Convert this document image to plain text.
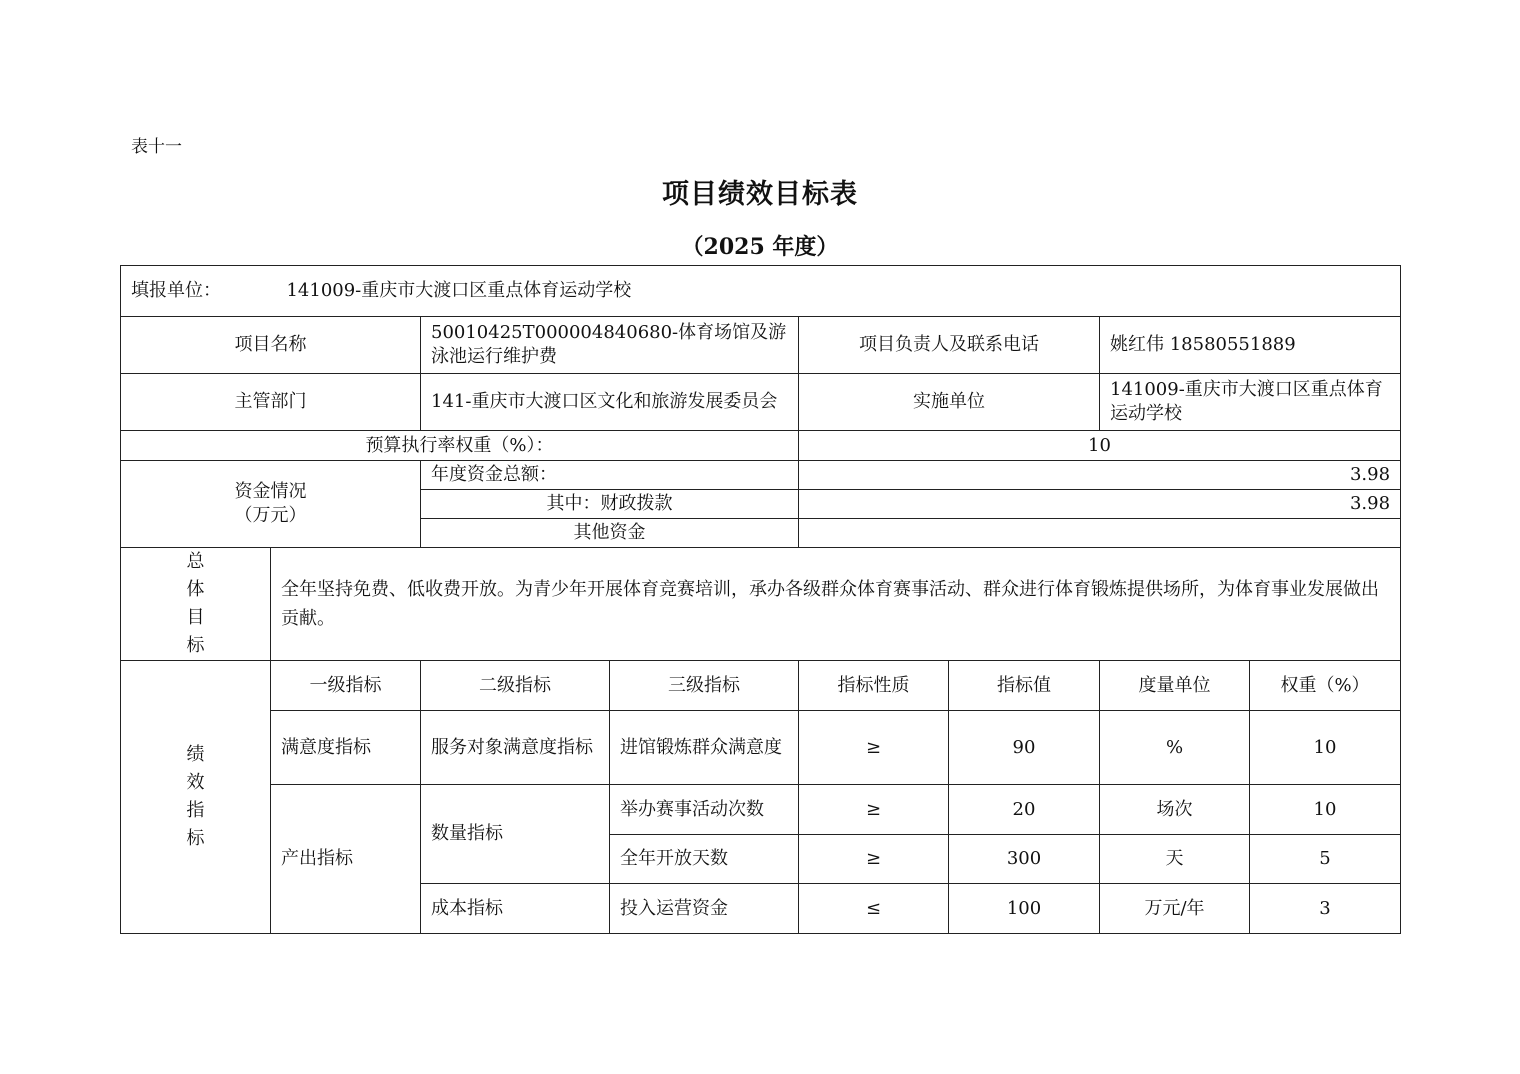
表十一
项目绩效目标表
（2025 年度）
填报单位： 141009-重庆市大渡口区重点体育运动学校							
项目名称		50010425T000004840680-体育场馆及游泳池运行维护费		项目负责人及联系电话		姚红伟 18580551889	
主管部门		141-重庆市大渡口区文化和旅游发展委员会		实施单位		141009-重庆市大渡口区重点体育运动学校	
预算执行率权重（%）：				10			

资金情况
（万元）		年度资金总额：		3.98			
		其中：财政拨款		3.98			
		其他资金					

总
体
目
标	全年坚持免费、低收费开放。为青少年开展体育竞赛培训，承办各级群众体育赛事活动、群众进行体育锻炼提供场所，为体育事业发展做出贡献。						

绩
效
指
标	一级指标	二级指标	三级指标	指标性质	指标值	度量单位	权重（%）
	满意度指标	服务对象满意度指标	进馆锻炼群众满意度	≥	90	%	10
	产出指标	数量指标	举办赛事活动次数	≥	20	场次	10
			全年开放天数	≥	300	天	5
		成本指标	投入运营资金	≤	100	万元/年	3
